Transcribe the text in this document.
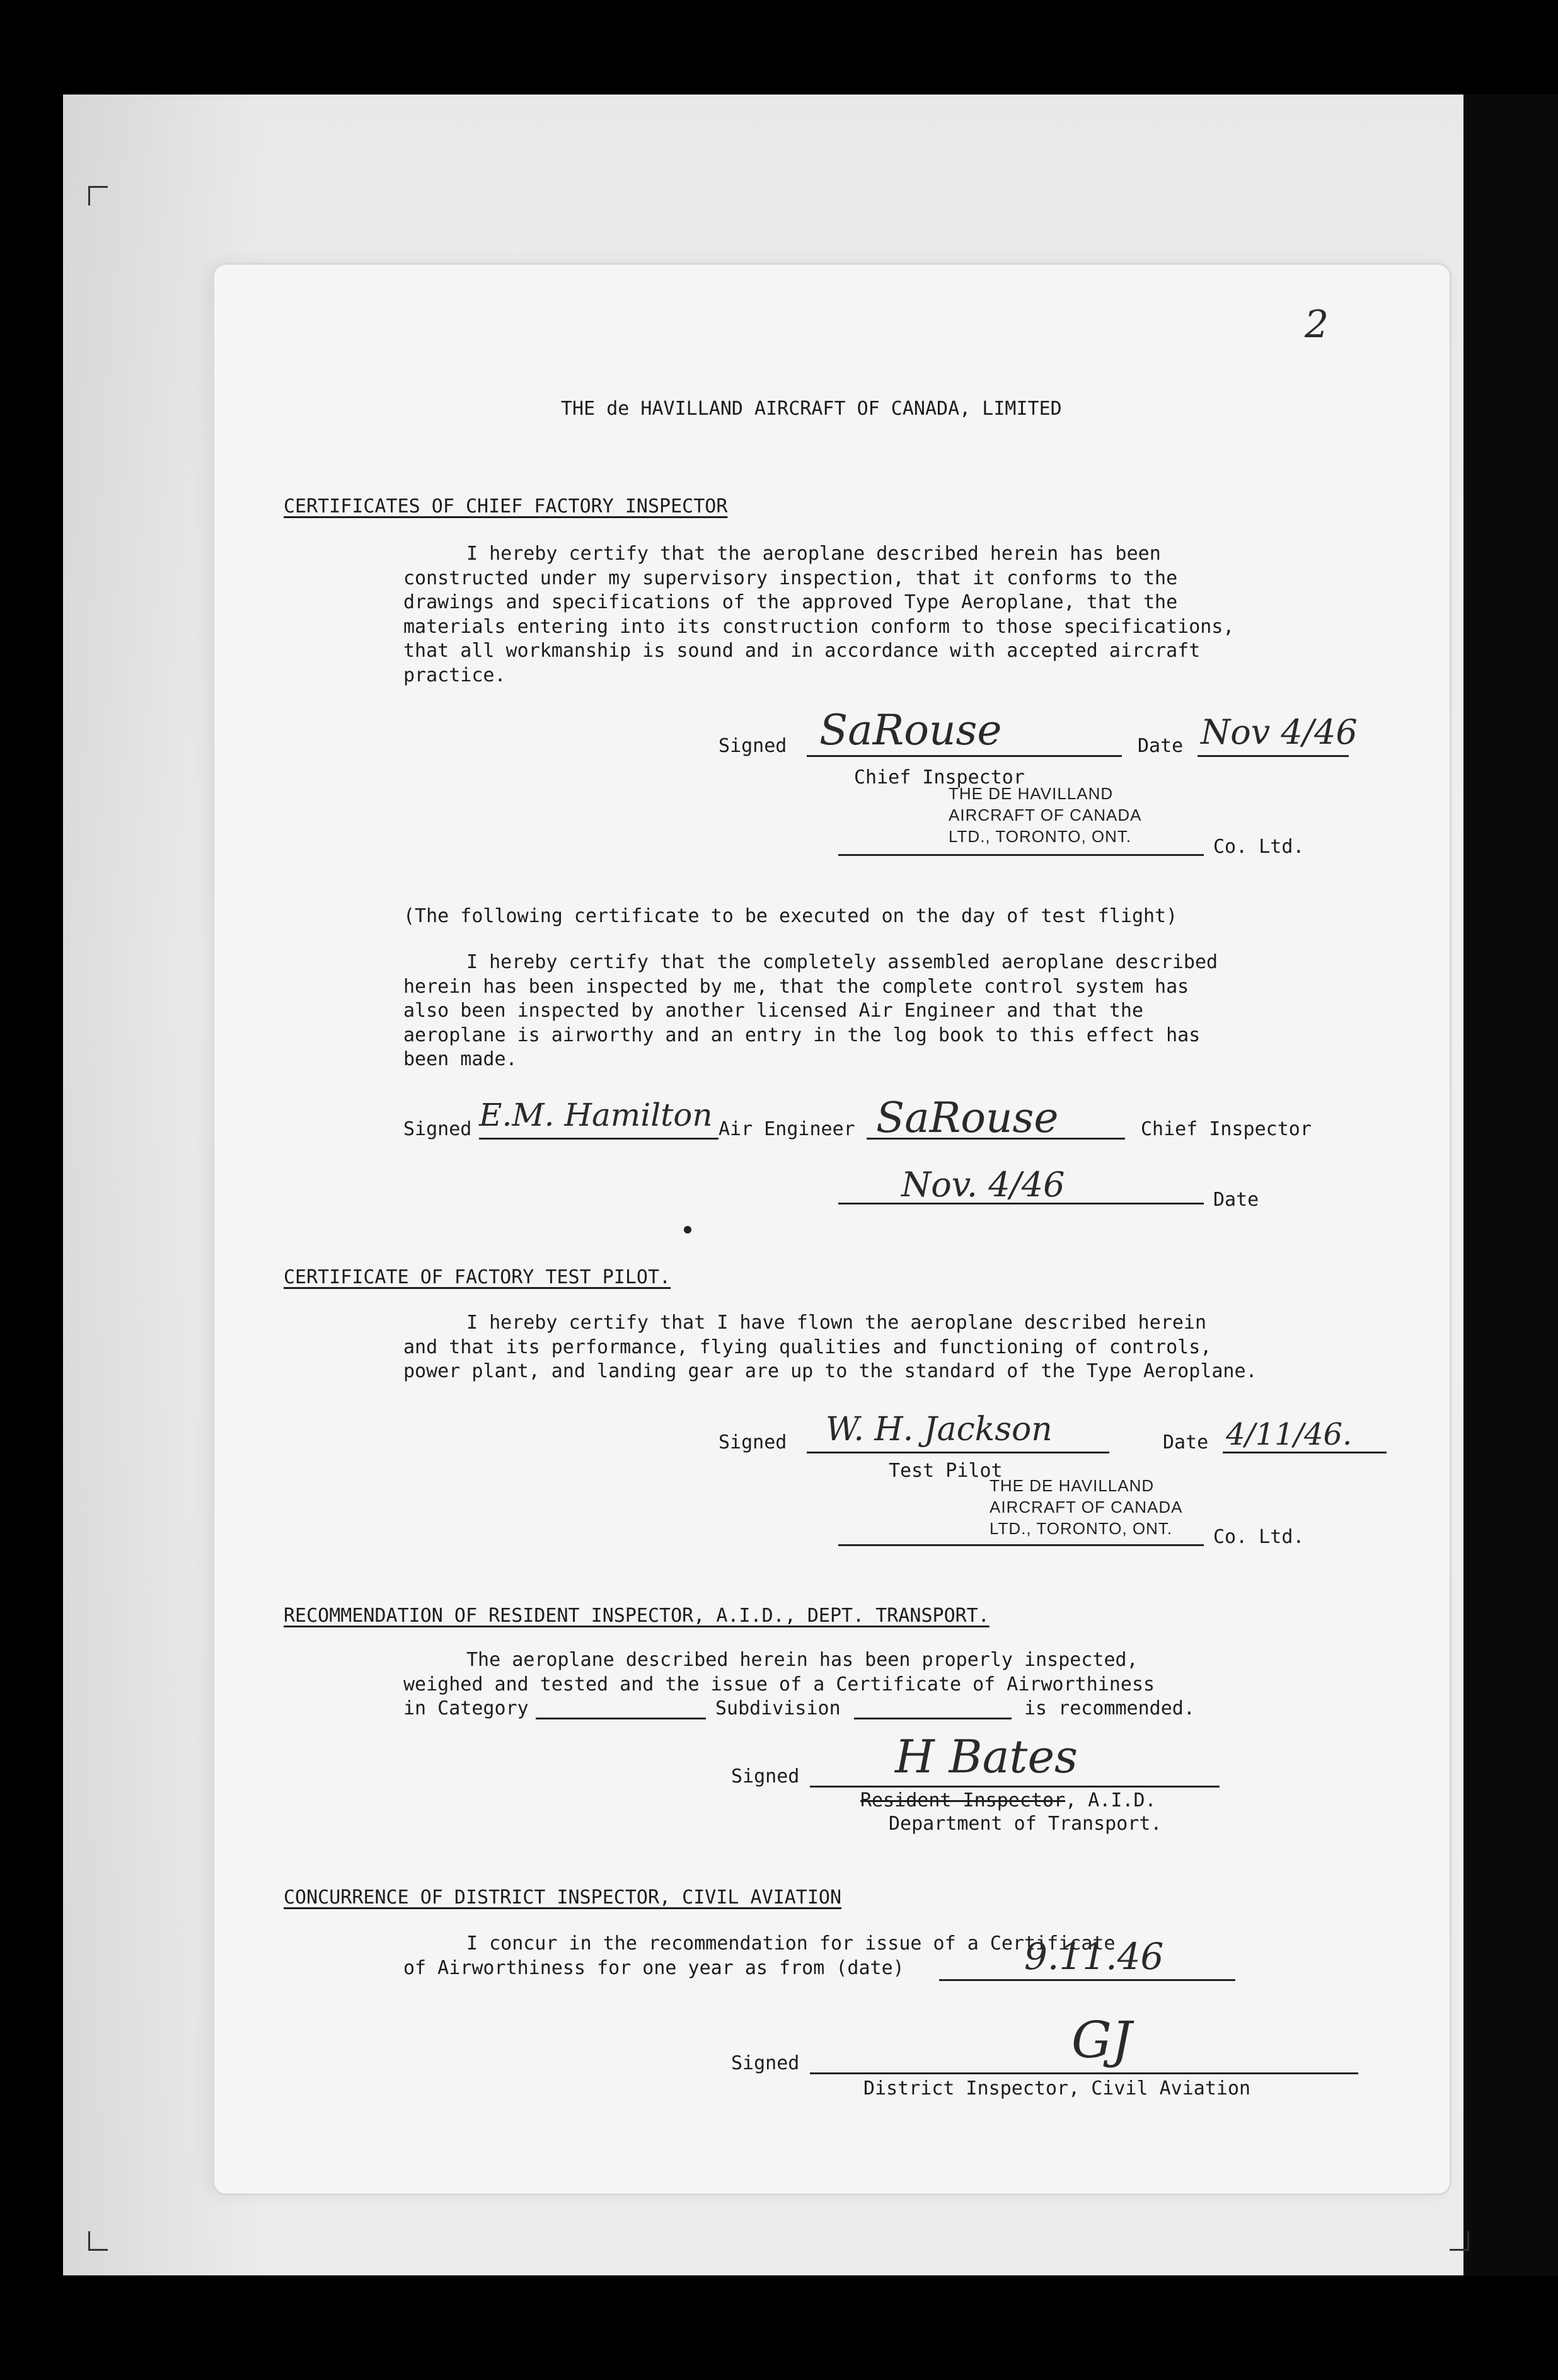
2
THE de HAVILLAND AIRCRAFT OF CANADA, LIMITED
CERTIFICATES OF CHIEF FACTORY INSPECTOR
I hereby certify that the aeroplane described herein has been
constructed under my supervisory inspection, that it conforms to the
drawings and specifications of the approved Type Aeroplane, that the
materials entering into its construction conform to those specifications,
that all workmanship is sound and in accordance with accepted aircraft
practice.
Signed SaRouse	Date Nov 4/46
Chief Inspector
THE DE HAVILLAND
AIRCRAFT OF CANADA
LTD., TORONTO, ONT.	Co. Ltd.
(The following certificate to be executed on the day of test flight)
I hereby certify that the completely assembled aeroplane described
herein has been inspected by me, that the complete control system has
also been inspected by another licensed Air Engineer and that the
aeroplane is airworthy and an entry in the log book to this effect has
been made.
Signed E.M. Hamilton Air Engineer SaRouse	Chief Inspector
Nov. 4/46	Date
CERTIFICATE OF FACTORY TEST PILOT.
I hereby certify that I have flown the aeroplane described herein
and that its performance, flying qualities and functioning of controls,
power plant, and landing gear are up to the standard of the Type Aeroplane.
Signed W. H. Jackson	Date 4/11/46.
Test Pilot
THE DE HAVILLAND
AIRCRAFT OF CANADA
LTD., TORONTO, ONT.	Co. Ltd.
RECOMMENDATION OF RESIDENT INSPECTOR, A.I.D., DEPT. TRANSPORT.
The aeroplane described herein has been properly inspected,
weighed and tested and the issue of a Certificate of Airworthiness
in Category	Subdivision	is recommended.
Signed H Bates
Resident Inspector, A.I.D.
Department of Transport.
CONCURRENCE OF DISTRICT INSPECTOR, CIVIL AVIATION
I concur in the recommendation for issue of a Certificate
of Airworthiness for one year as from (date)	9.11.46
GJ
Signed
District Inspector, Civil Aviation
